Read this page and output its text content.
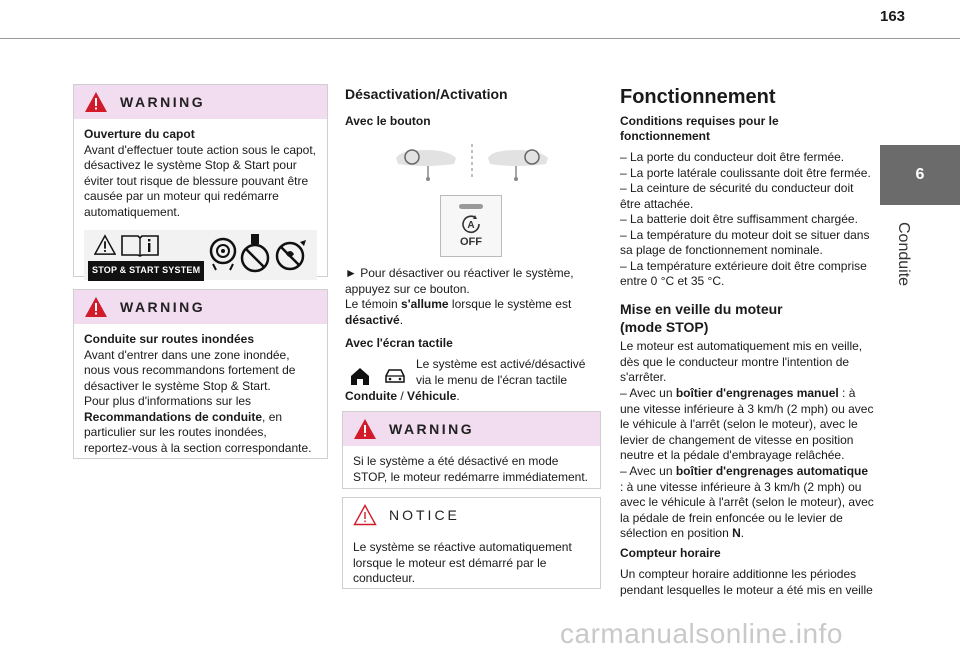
163
6
Conduite
WARNING
Ouverture du capot
Avant d'effectuer toute action sous le capot, désactivez le système Stop & Start pour éviter tout risque de blessure pouvant être causée par un moteur qui redémarre automatiquement.
STOP & START SYSTEM
WARNING
Conduite sur routes inondées
Avant d'entrer dans une zone inondée, nous vous recommandons fortement de désactiver le système Stop & Start.
Pour plus d'informations sur les Recommandations de conduite, en particulier sur les routes inondées, reportez-vous à la section correspondante.
Désactivation/Activation
Avec le bouton
A
OFF
► Pour désactiver ou réactiver le système, appuyez sur ce bouton.
Le témoin s'allume lorsque le système est désactivé.
Avec l'écran tactile
Le système est activé/désactivé via le menu de l'écran tactile
Conduite / Véhicule.
WARNING
Si le système a été désactivé en mode STOP, le moteur redémarre immédiatement.
NOTICE
Le système se réactive automatiquement lorsque le moteur est démarré par le conducteur.
Fonctionnement
Conditions requises pour le fonctionnement
– La porte du conducteur doit être fermée.
– La porte latérale coulissante doit être fermée.
– La ceinture de sécurité du conducteur doit être attachée.
– La batterie doit être suffisamment chargée.
– La température du moteur doit se situer dans sa plage de fonctionnement nominale.
– La température extérieure doit être comprise entre 0 °C et 35 °C.
Mise en veille du moteur (mode STOP)
Le moteur est automatiquement mis en veille, dès que le conducteur montre l'intention de s'arrêter.
– Avec un boîtier d'engrenages manuel : à une vitesse inférieure à 3 km/h (2 mph) ou avec le véhicule à l'arrêt (selon le moteur), avec le levier de changement de vitesse en position neutre et la pédale d'embrayage relâchée.
– Avec un boîtier d'engrenages automatique : à une vitesse inférieure à 3 km/h (2 mph) ou avec le véhicule à l'arrêt (selon le moteur), avec la pédale de frein enfoncée ou le levier de sélection en position N.
Compteur horaire
Un compteur horaire additionne les périodes pendant lesquelles le moteur a été mis en veille
carmanualsonline.info
